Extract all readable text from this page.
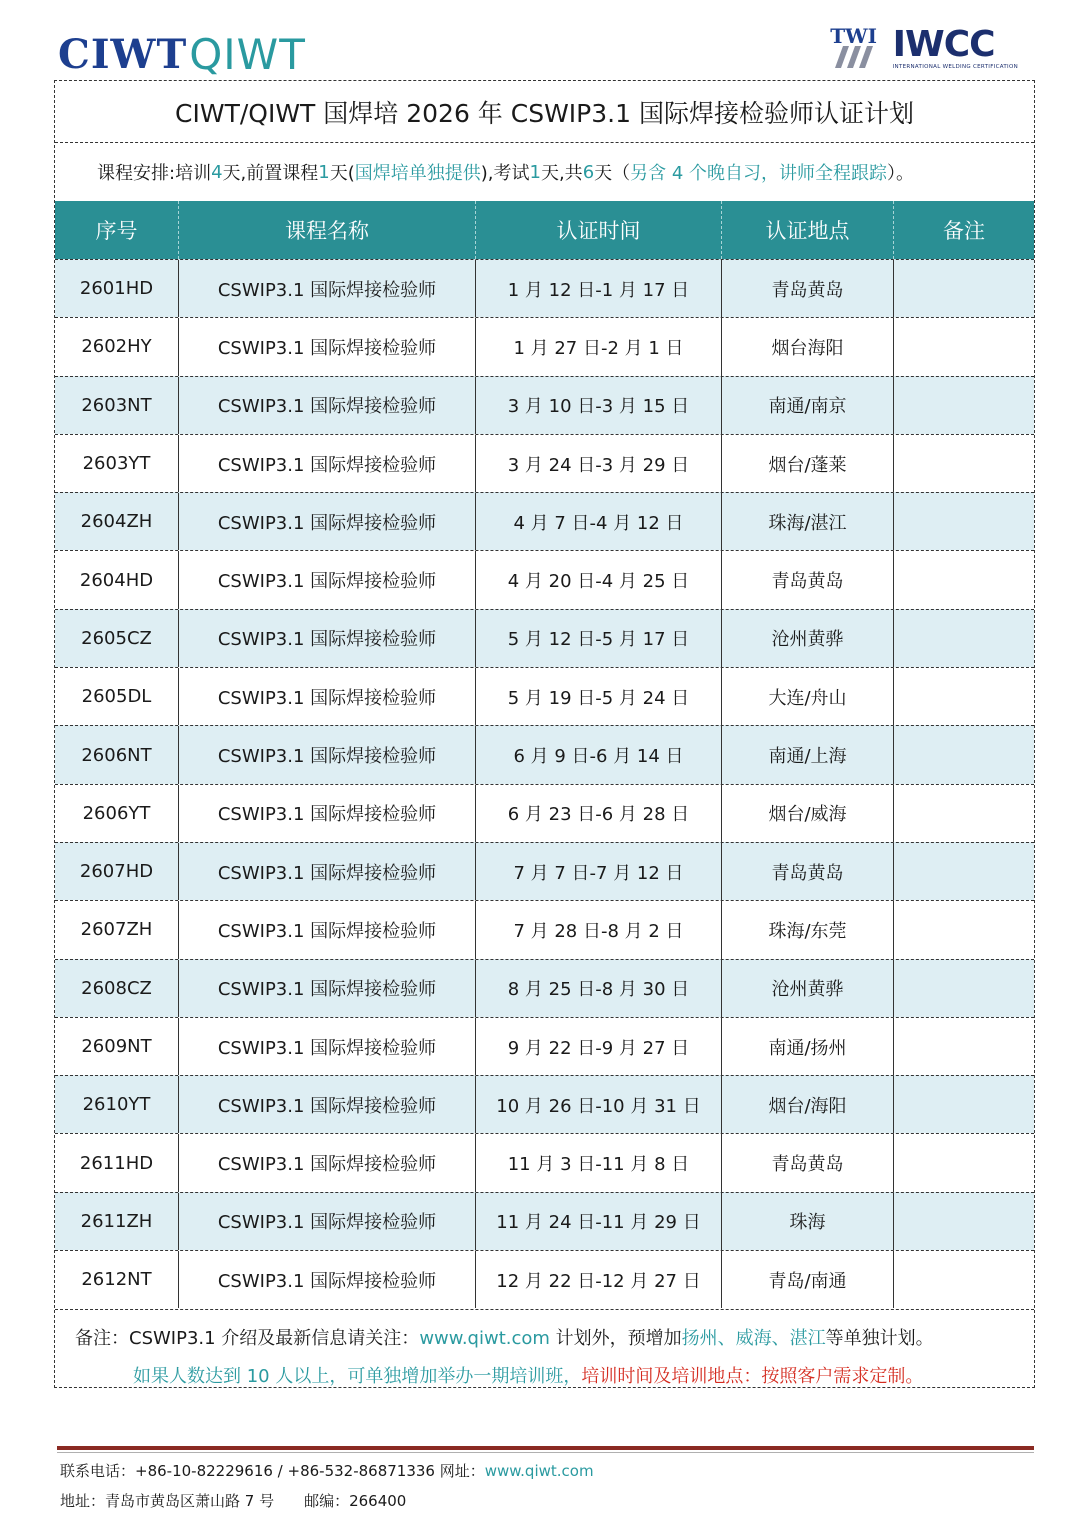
CIWT QIWT	TWI IWCC
INTERNATIONAL WELDING CERTIFICATION
CIWT/QIWT 国焊培 2026 年 CSWIP3.1 国际焊接检验师认证计划
课程安排:培训 4 天,前置课程 1 天( 国焊培单独提供 ),考试 1 天,共 6 天（ 另含 4 个晚自习，讲师全程跟踪 ）。
序号	课程名称	认证时间	认证地点	备注
2601HD	CSWIP3.1 国际焊接检验师	1 月 12 日-1 月 17 日	青岛黄岛
2602HY	CSWIP3.1 国际焊接检验师	1 月 27 日-2 月 1 日	烟台海阳
2603NT	CSWIP3.1 国际焊接检验师	3 月 10 日-3 月 15 日	南通/南京
2603YT	CSWIP3.1 国际焊接检验师	3 月 24 日-3 月 29 日	烟台/蓬莱
2604ZH	CSWIP3.1 国际焊接检验师	4 月 7 日-4 月 12 日	珠海/湛江
2604HD	CSWIP3.1 国际焊接检验师	4 月 20 日-4 月 25 日	青岛黄岛
2605CZ	CSWIP3.1 国际焊接检验师	5 月 12 日-5 月 17 日	沧州黄骅
2605DL	CSWIP3.1 国际焊接检验师	5 月 19 日-5 月 24 日	大连/舟山
2606NT	CSWIP3.1 国际焊接检验师	6 月 9 日-6 月 14 日	南通/上海
2606YT	CSWIP3.1 国际焊接检验师	6 月 23 日-6 月 28 日	烟台/威海
2607HD	CSWIP3.1 国际焊接检验师	7 月 7 日-7 月 12 日	青岛黄岛
2607ZH	CSWIP3.1 国际焊接检验师	7 月 28 日-8 月 2 日	珠海/东莞
2608CZ	CSWIP3.1 国际焊接检验师	8 月 25 日-8 月 30 日	沧州黄骅
2609NT	CSWIP3.1 国际焊接检验师	9 月 22 日-9 月 27 日	南通/扬州
2610YT	CSWIP3.1 国际焊接检验师	10 月 26 日-10 月 31 日	烟台/海阳
2611HD	CSWIP3.1 国际焊接检验师	11 月 3 日-11 月 8 日	青岛黄岛
2611ZH	CSWIP3.1 国际焊接检验师	11 月 24 日-11 月 29 日	珠海
2612NT	CSWIP3.1 国际焊接检验师	12 月 22 日-12 月 27 日	青岛/南通
备注：CSWIP3.1 介绍及最新信息请关注：www.qiwt.com 计划外，预增加扬州、威海、湛江等单独计划。
如果人数达到 10 人以上，可单独增加举办一期培训班，培训时间及培训地点：按照客户需求定制。
联系电话：+86-10-82229616 / +86-532-86871336 网址：www.qiwt.com
地址：青岛市黄岛区萧山路 7 号　　邮编：266400
